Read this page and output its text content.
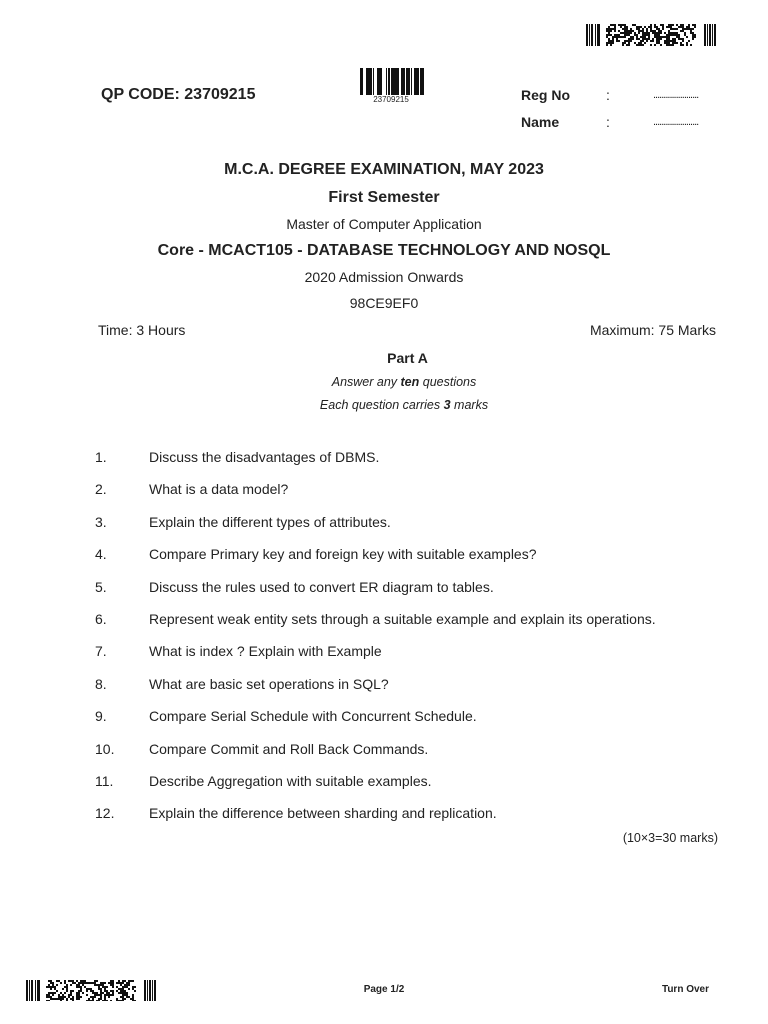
QP CODE: 23709215	23709215	Reg No	:	......................
Name	:	......................
M.C.A. DEGREE EXAMINATION, MAY 2023
First Semester
Master of Computer Application
Core - MCACT105 - DATABASE TECHNOLOGY AND NOSQL
2020 Admission Onwards
98CE9EF0
Time: 3 Hours	Maximum: 75 Marks
Part A
Answer any ten questions
Each question carries 3 marks
1.	Discuss the disadvantages of DBMS.
2.	What is a data model?
3.	Explain the different types of attributes.
4.	Compare Primary key and foreign key with suitable examples?
5.	Discuss the rules used to convert ER diagram to tables.
6.	Represent weak entity sets through a suitable example and explain its operations.
7.	What is index ? Explain with Example
8.	What are basic set operations in SQL?
9.	Compare Serial Schedule with Concurrent Schedule.
10. Compare Commit and Roll Back Commands.
11.	Describe Aggregation with suitable examples.
12. Explain the difference between sharding and replication.
(10×3=30 marks)
Page 1/2	Turn Over
